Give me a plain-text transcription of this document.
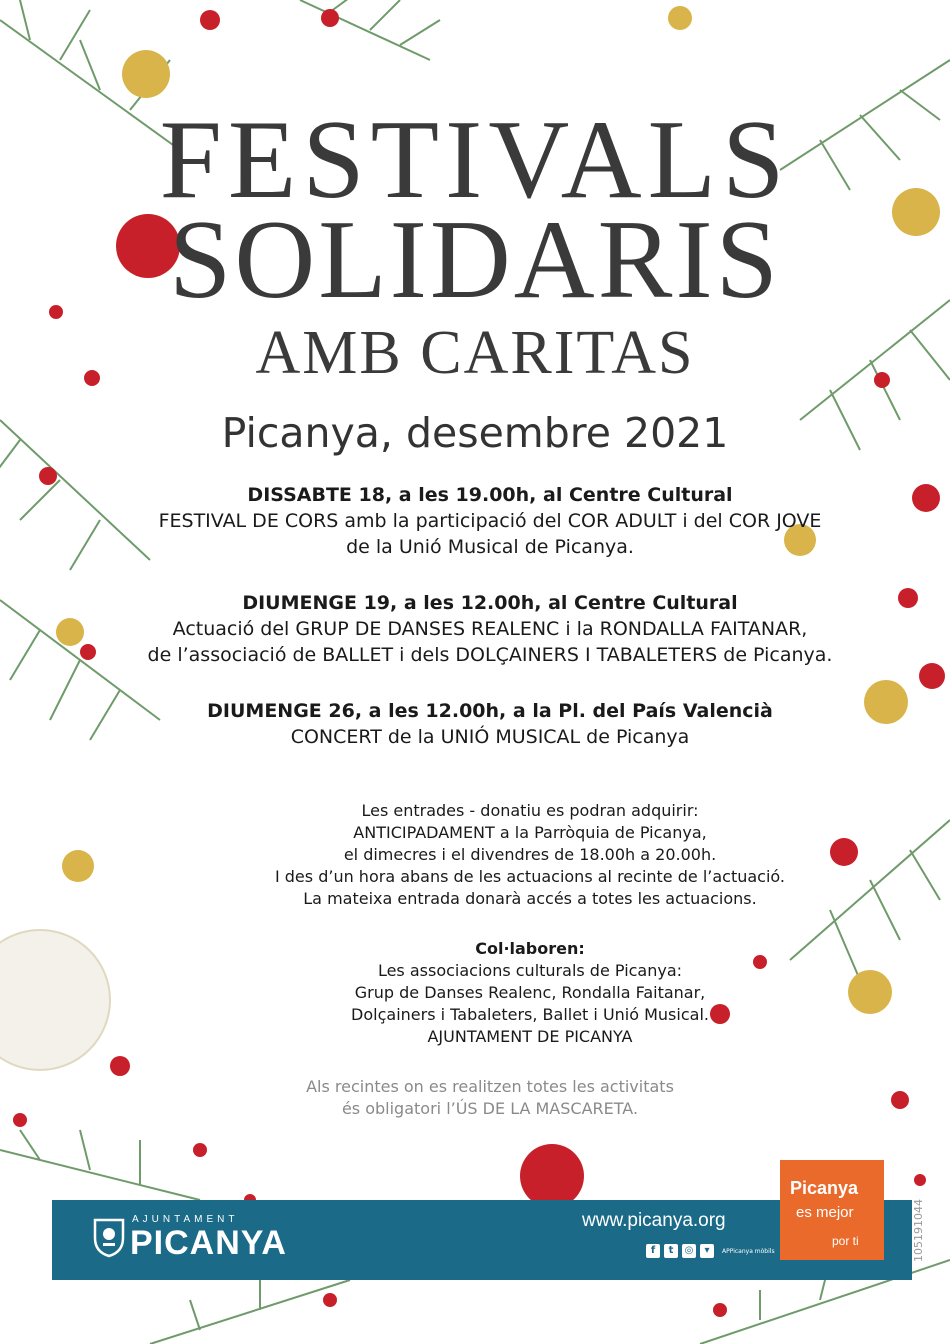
FESTIVALS
SOLIDARIS
AMB CARITAS
Picanya, desembre 2021
DISSABTE 18, a les 19.00h, al Centre Cultural
FESTIVAL DE CORS amb la participació del COR ADULT i del COR JOVE
de la Unió Musical de Picanya.
DIUMENGE 19, a les 12.00h, al Centre Cultural
Actuació del GRUP DE DANSES REALENC i la RONDALLA FAITANAR,
de l’associació de BALLET i dels DOLÇAINERS I TABALETERS de Picanya.
DIUMENGE 26, a les 12.00h, a la Pl. del País Valencià
CONCERT de la UNIÓ MUSICAL de Picanya
Les entrades - donatiu es podran adquirir:
ANTICIPADAMENT a la Parròquia de Picanya,
el dimecres i el divendres de 18.00h a 20.00h.
I des d’un hora abans de les actuacions al recinte de l’actuació.
La mateixa entrada donarà accés a totes les actuacions.
Col·laboren:
Les associacions culturals de Picanya:
Grup de Danses Realenc, Rondalla Faitanar,
Dolçainers i Tabaleters, Ballet i Unió Musical.
AJUNTAMENT DE PICANYA
Als recintes on es realitzen totes les activitats
és obligatori l’ÚS DE LA MASCARETA.
AJUNTAMENT
PICANYA
www.picanya.org
f	t	◎	▾	APPicanya mòbils
Picanya
es mejor
por ti	105191044
